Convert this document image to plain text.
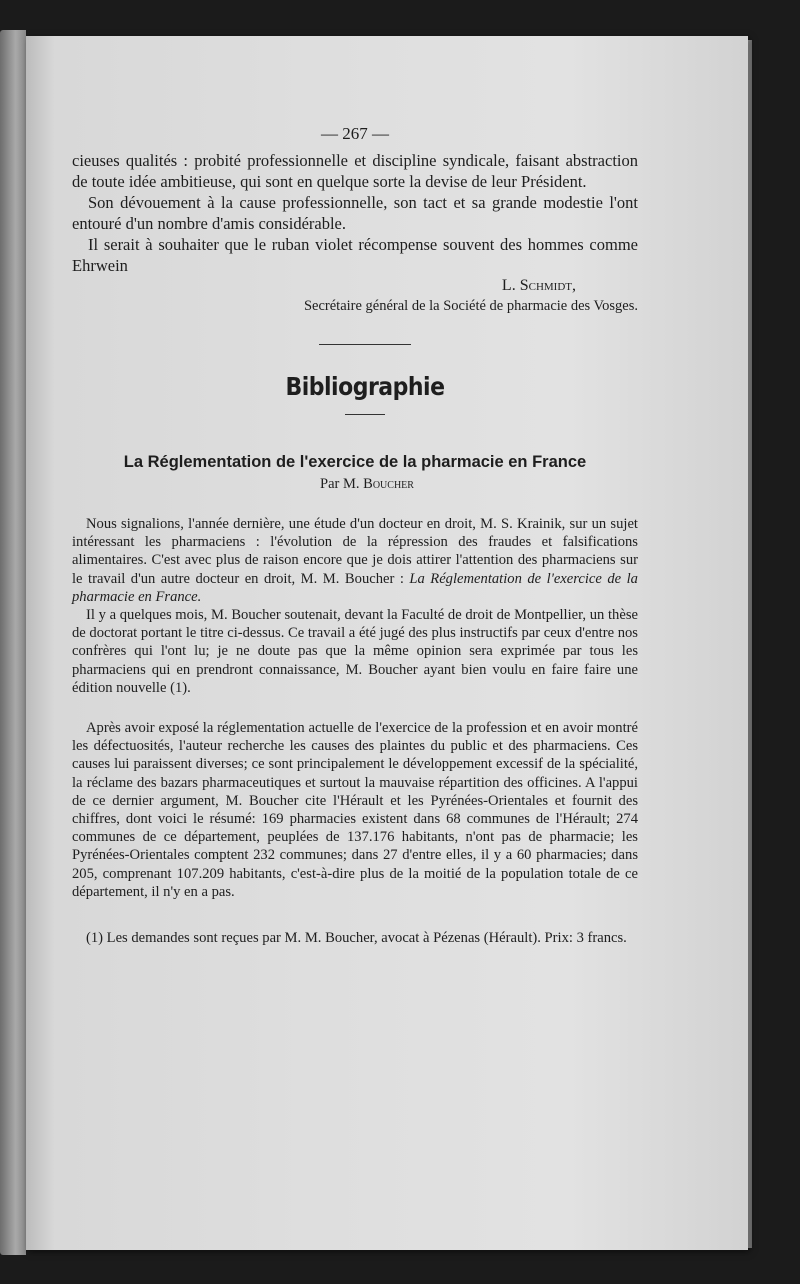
— 267 —

cieuses qualités : probité professionnelle et discipline syndicale, faisant abstraction de toute idée ambitieuse, qui sont en quelque sorte la devise de leur Président.

Son dévouement à la cause professionnelle, son tact et sa grande modestie l'ont entouré d'un nombre d'amis considérable.

Il serait à souhaiter que le ruban violet récompense souvent des hommes comme Ehrwein

L. Schmidt,

Secrétaire général de la Société de pharmacie des Vosges.

Bibliographie
La Réglementation de l'exercice de la pharmacie en France

Par M. Boucher

Nous signalions, l'année dernière, une étude d'un docteur en droit, M. S. Krainik, sur un sujet intéressant les pharmaciens : l'évolution de la répression des fraudes et falsifications alimentaires. C'est avec plus de raison encore que je dois attirer l'attention des pharmaciens sur le travail d'un autre docteur en droit, M. M. Boucher : La Réglementation de l'exercice de la pharmacie en France.

Il y a quelques mois, M. Boucher soutenait, devant la Faculté de droit de Montpellier, un thèse de doctorat portant le titre ci-dessus. Ce travail a été jugé des plus instructifs par ceux d'entre nos confrères qui l'ont lu; je ne doute pas que la même opinion sera exprimée par tous les pharmaciens qui en prendront connaissance, M. Boucher ayant bien voulu en faire faire une édition nouvelle (1).

Après avoir exposé la réglementation actuelle de l'exercice de la profession et en avoir montré les défectuosités, l'auteur recherche les causes des plaintes du public et des pharmaciens. Ces causes lui paraissent diverses; ce sont principalement le développement excessif de la spécialité, la réclame des bazars pharmaceutiques et surtout la mauvaise répartition des officines. A l'appui de ce dernier argument, M. Boucher cite l'Hérault et les Pyrénées-Orientales et fournit des chiffres, dont voici le résumé: 169 pharmacies existent dans 68 communes de l'Hérault; 274 communes de ce département, peuplées de 137.176 habitants, n'ont pas de pharmacie; les Pyrénées-Orientales comptent 232 communes; dans 27 d'entre elles, il y a 60 pharmacies; dans 205, comprenant 107.209 habitants, c'est-à-dire plus de la moitié de la population totale de ce département, il n'y en a pas.

(1) Les demandes sont reçues par M. M. Boucher, avocat à Pézenas (Hérault). Prix: 3 francs.
